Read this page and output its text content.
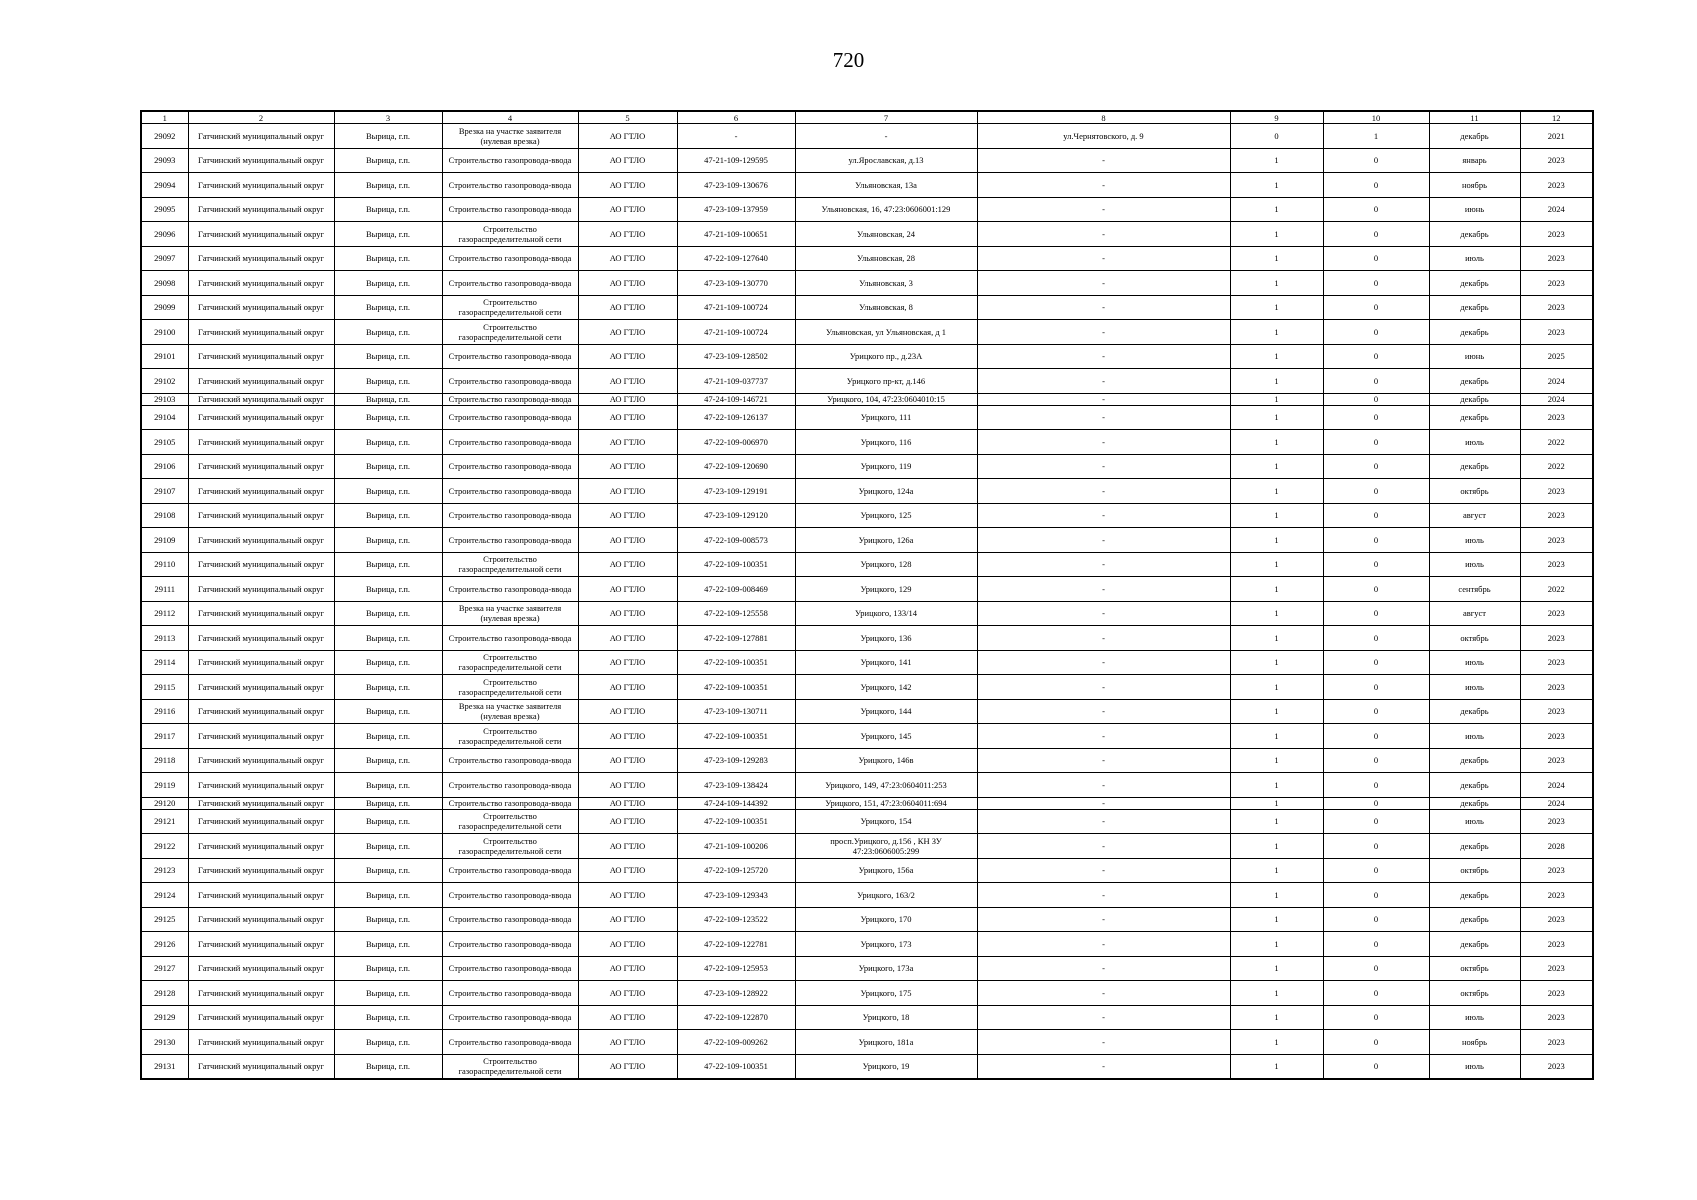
720
1	2	3	4	5	6	7	8	9	10	11	12
29092	Гатчинский муниципальный округ	Вырица, г.п.	Врезка на участке заявителя (нулевая врезка)	АО ГТЛО	-	-	ул.Чернятовского, д. 9	0	1	декабрь	2021
29093	Гатчинский муниципальный округ	Вырица, г.п.	Строительство газопровода-ввода	АО ГТЛО	47-21-109-129595	ул.Ярославская, д.13	-	1	0	январь	2023
29094	Гатчинский муниципальный округ	Вырица, г.п.	Строительство газопровода-ввода	АО ГТЛО	47-23-109-130676	Ульяновская, 13а	-	1	0	ноябрь	2023
29095	Гатчинский муниципальный округ	Вырица, г.п.	Строительство газопровода-ввода	АО ГТЛО	47-23-109-137959	Ульяновская, 16, 47:23:0606001:129	-	1	0	июнь	2024
29096	Гатчинский муниципальный округ	Вырица, г.п.	Строительство газораспределительной сети	АО ГТЛО	47-21-109-100651	Ульяновская, 24	-	1	0	декабрь	2023
29097	Гатчинский муниципальный округ	Вырица, г.п.	Строительство газопровода-ввода	АО ГТЛО	47-22-109-127640	Ульяновская, 28	-	1	0	июль	2023
29098	Гатчинский муниципальный округ	Вырица, г.п.	Строительство газопровода-ввода	АО ГТЛО	47-23-109-130770	Ульяновская, 3	-	1	0	декабрь	2023
29099	Гатчинский муниципальный округ	Вырица, г.п.	Строительство газораспределительной сети	АО ГТЛО	47-21-109-100724	Ульяновская, 8	-	1	0	декабрь	2023
29100	Гатчинский муниципальный округ	Вырица, г.п.	Строительство газораспределительной сети	АО ГТЛО	47-21-109-100724	Ульяновская, ул Ульяновская, д 1	-	1	0	декабрь	2023
29101	Гатчинский муниципальный округ	Вырица, г.п.	Строительство газопровода-ввода	АО ГТЛО	47-23-109-128502	Урицкого пр., д.23А	-	1	0	июнь	2025
29102	Гатчинский муниципальный округ	Вырица, г.п.	Строительство газопровода-ввода	АО ГТЛО	47-21-109-037737	Урицкого пр-кт, д.146	-	1	0	декабрь	2024
29103	Гатчинский муниципальный округ	Вырица, г.п.	Строительство газопровода-ввода	АО ГТЛО	47-24-109-146721	Урицкого, 104, 47:23:0604010:15	-	1	0	декабрь	2024
29104	Гатчинский муниципальный округ	Вырица, г.п.	Строительство газопровода-ввода	АО ГТЛО	47-22-109-126137	Урицкого, 111	-	1	0	декабрь	2023
29105	Гатчинский муниципальный округ	Вырица, г.п.	Строительство газопровода-ввода	АО ГТЛО	47-22-109-006970	Урицкого, 116	-	1	0	июль	2022
29106	Гатчинский муниципальный округ	Вырица, г.п.	Строительство газопровода-ввода	АО ГТЛО	47-22-109-120690	Урицкого, 119	-	1	0	декабрь	2022
29107	Гатчинский муниципальный округ	Вырица, г.п.	Строительство газопровода-ввода	АО ГТЛО	47-23-109-129191	Урицкого, 124а	-	1	0	октябрь	2023
29108	Гатчинский муниципальный округ	Вырица, г.п.	Строительство газопровода-ввода	АО ГТЛО	47-23-109-129120	Урицкого, 125	-	1	0	август	2023
29109	Гатчинский муниципальный округ	Вырица, г.п.	Строительство газопровода-ввода	АО ГТЛО	47-22-109-008573	Урицкого, 126а	-	1	0	июль	2023
29110	Гатчинский муниципальный округ	Вырица, г.п.	Строительство газораспределительной сети	АО ГТЛО	47-22-109-100351	Урицкого, 128	-	1	0	июль	2023
29111	Гатчинский муниципальный округ	Вырица, г.п.	Строительство газопровода-ввода	АО ГТЛО	47-22-109-008469	Урицкого, 129	-	1	0	сентябрь	2022
29112	Гатчинский муниципальный округ	Вырица, г.п.	Врезка на участке заявителя (нулевая врезка)	АО ГТЛО	47-22-109-125558	Урицкого, 133/14	-	1	0	август	2023
29113	Гатчинский муниципальный округ	Вырица, г.п.	Строительство газопровода-ввода	АО ГТЛО	47-22-109-127881	Урицкого, 136	-	1	0	октябрь	2023
29114	Гатчинский муниципальный округ	Вырица, г.п.	Строительство газораспределительной сети	АО ГТЛО	47-22-109-100351	Урицкого, 141	-	1	0	июль	2023
29115	Гатчинский муниципальный округ	Вырица, г.п.	Строительство газораспределительной сети	АО ГТЛО	47-22-109-100351	Урицкого, 142	-	1	0	июль	2023
29116	Гатчинский муниципальный округ	Вырица, г.п.	Врезка на участке заявителя (нулевая врезка)	АО ГТЛО	47-23-109-130711	Урицкого, 144	-	1	0	декабрь	2023
29117	Гатчинский муниципальный округ	Вырица, г.п.	Строительство газораспределительной сети	АО ГТЛО	47-22-109-100351	Урицкого, 145	-	1	0	июль	2023
29118	Гатчинский муниципальный округ	Вырица, г.п.	Строительство газопровода-ввода	АО ГТЛО	47-23-109-129283	Урицкого, 146в	-	1	0	декабрь	2023
29119	Гатчинский муниципальный округ	Вырица, г.п.	Строительство газопровода-ввода	АО ГТЛО	47-23-109-138424	Урицкого, 149, 47:23:0604011:253	-	1	0	декабрь	2024
29120	Гатчинский муниципальный округ	Вырица, г.п.	Строительство газопровода-ввода	АО ГТЛО	47-24-109-144392	Урицкого, 151, 47:23:0604011:694	-	1	0	декабрь	2024
29121	Гатчинский муниципальный округ	Вырица, г.п.	Строительство газораспределительной сети	АО ГТЛО	47-22-109-100351	Урицкого, 154	-	1	0	июль	2023
29122	Гатчинский муниципальный округ	Вырица, г.п.	Строительство газораспределительной сети	АО ГТЛО	47-21-109-100206	просп.Урицкого, д.156 , КН ЗУ 47:23:0606005:299	-	1	0	декабрь	2028
29123	Гатчинский муниципальный округ	Вырица, г.п.	Строительство газопровода-ввода	АО ГТЛО	47-22-109-125720	Урицкого, 156а	-	1	0	октябрь	2023
29124	Гатчинский муниципальный округ	Вырица, г.п.	Строительство газопровода-ввода	АО ГТЛО	47-23-109-129343	Урицкого, 163/2	-	1	0	декабрь	2023
29125	Гатчинский муниципальный округ	Вырица, г.п.	Строительство газопровода-ввода	АО ГТЛО	47-22-109-123522	Урицкого, 170	-	1	0	декабрь	2023
29126	Гатчинский муниципальный округ	Вырица, г.п.	Строительство газопровода-ввода	АО ГТЛО	47-22-109-122781	Урицкого, 173	-	1	0	декабрь	2023
29127	Гатчинский муниципальный округ	Вырица, г.п.	Строительство газопровода-ввода	АО ГТЛО	47-22-109-125953	Урицкого, 173а	-	1	0	октябрь	2023
29128	Гатчинский муниципальный округ	Вырица, г.п.	Строительство газопровода-ввода	АО ГТЛО	47-23-109-128922	Урицкого, 175	-	1	0	октябрь	2023
29129	Гатчинский муниципальный округ	Вырица, г.п.	Строительство газопровода-ввода	АО ГТЛО	47-22-109-122870	Урицкого, 18	-	1	0	июль	2023
29130	Гатчинский муниципальный округ	Вырица, г.п.	Строительство газопровода-ввода	АО ГТЛО	47-22-109-009262	Урицкого, 181а	-	1	0	ноябрь	2023
29131	Гатчинский муниципальный округ	Вырица, г.п.	Строительство газораспределительной сети	АО ГТЛО	47-22-109-100351	Урицкого, 19	-	1	0	июль	2023
